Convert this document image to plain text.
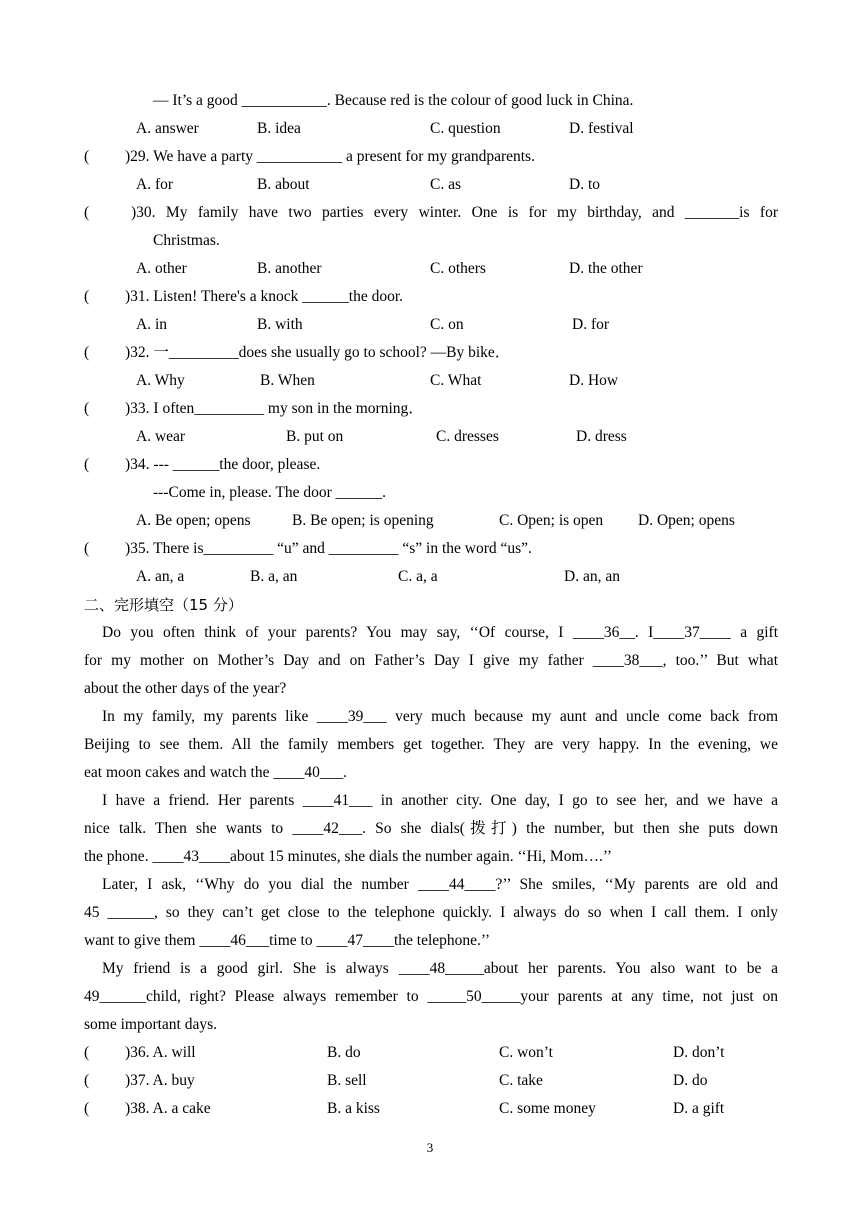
— It’s a good ___________. Because red is the colour of good luck in China.
A. answer	B. idea	C. question	D. festival
( )29. We have a party ___________ a present for my grandparents.
A. for	B. about	C. as	D. to
(	)30. My family have two parties every winter. One is for my birthday, and _______is for
Christmas.
A. other	B. another	C. others	D. the other
( )31. Listen! There's a knock ______the door.
A. in	B. with	C. on	D. for
( )32. 一_________does she usually go to school? —By bike．
A. Why	B. When	C. What	D. How
( )33. I often_________ my son in the morning．
A. wear	B. put on	C. dresses	D. dress
( )34. --- ______the door, please.
---Come in, please. The door ______.
A. Be open; opens	B. Be open; is opening	C. Open; is open D. Open; opens
( )35. There is_________ “u” and _________ “s” in the word “us”.
A. an, a	B. a, an	C. a, a	D. an, an
二、完形填空（15 分）
Do you often think of your parents? You may say, ‘‘Of course, I ____36__. I____37____ a gift
for my mother on Mother’s Day and on Father’s Day I give my father ____38___, too.’’ But what
about the other days of the year?
In my family, my parents like ____39___ very much because my aunt and uncle come back from
Beijing to see them. All the family members get together. They are very happy. In the evening, we
eat moon cakes and watch the ____40___.
I have a friend. Her parents ____41___ in another city. One day, I go to see her, and we have a
nice talk. Then she wants to ____42___. So she dials(拨打) the number, but then she puts down
the phone. ____43____about 15 minutes, she dials the number again. ‘‘Hi, Mom….’’
Later, I ask, ‘‘Why do you dial the number ____44____?’’ She smiles, ‘‘My parents are old and
45 ______, so they can’t get close to the telephone quickly. I always do so when I call them. I only
want to give them ____46___time to ____47____the telephone.’’
My friend is a good girl. She is always ____48_____about her parents. You also want to be a
49______child, right? Please always remember to _____50_____your parents at any time, not just on
some important days.
( )36. A. will	B. do	C. won’t	D. don’t
( )37. A. buy	B. sell	C. take	D. do
( )38. A. a cake	B. a kiss	C. some money	D. a gift
3
